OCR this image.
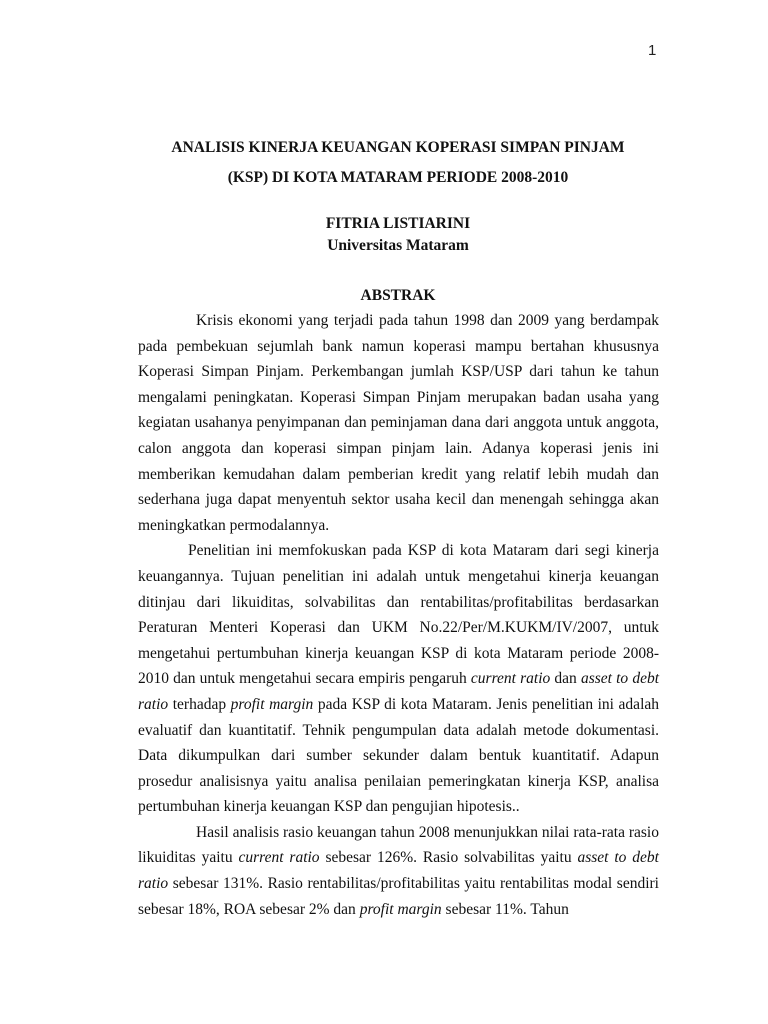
1
ANALISIS KINERJA KEUANGAN KOPERASI SIMPAN PINJAM
(KSP) DI KOTA MATARAM PERIODE 2008-2010
FITRIA LISTIARINI
Universitas Mataram
ABSTRAK

Krisis ekonomi yang terjadi pada tahun 1998 dan 2009 yang berdampak pada pembekuan sejumlah bank namun koperasi mampu bertahan khususnya Koperasi Simpan Pinjam. Perkembangan jumlah KSP/USP dari tahun ke tahun mengalami peningkatan. Koperasi Simpan Pinjam merupakan badan usaha yang kegiatan usahanya penyimpanan dan peminjaman dana dari anggota untuk anggota, calon anggota dan koperasi simpan pinjam lain. Adanya koperasi jenis ini memberikan kemudahan dalam pemberian kredit yang relatif lebih mudah dan sederhana juga dapat menyentuh sektor usaha kecil dan menengah sehingga akan meningkatkan permodalannya.

Penelitian ini memfokuskan pada KSP di kota Mataram dari segi kinerja keuangannya. Tujuan penelitian ini adalah untuk mengetahui kinerja keuangan ditinjau dari likuiditas, solvabilitas dan rentabilitas/profitabilitas berdasarkan Peraturan Menteri Koperasi dan UKM No.22/Per/M.KUKM/IV/2007, untuk mengetahui pertumbuhan kinerja keuangan KSP di kota Mataram periode 2008-2010 dan untuk mengetahui secara empiris pengaruh current ratio dan asset to debt ratio terhadap profit margin pada KSP di kota Mataram. Jenis penelitian ini adalah evaluatif dan kuantitatif. Tehnik pengumpulan data adalah metode dokumentasi. Data dikumpulkan dari sumber sekunder dalam bentuk kuantitatif. Adapun prosedur analisisnya yaitu analisa penilaian pemeringkatan kinerja KSP, analisa pertumbuhan kinerja keuangan KSP dan pengujian hipotesis..

Hasil analisis rasio keuangan tahun 2008 menunjukkan nilai rata-rata rasio likuiditas yaitu current ratio sebesar 126%. Rasio solvabilitas yaitu asset to debt ratio sebesar 131%. Rasio rentabilitas/profitabilitas yaitu rentabilitas modal sendiri sebesar 18%, ROA sebesar 2% dan profit margin sebesar 11%. Tahun
